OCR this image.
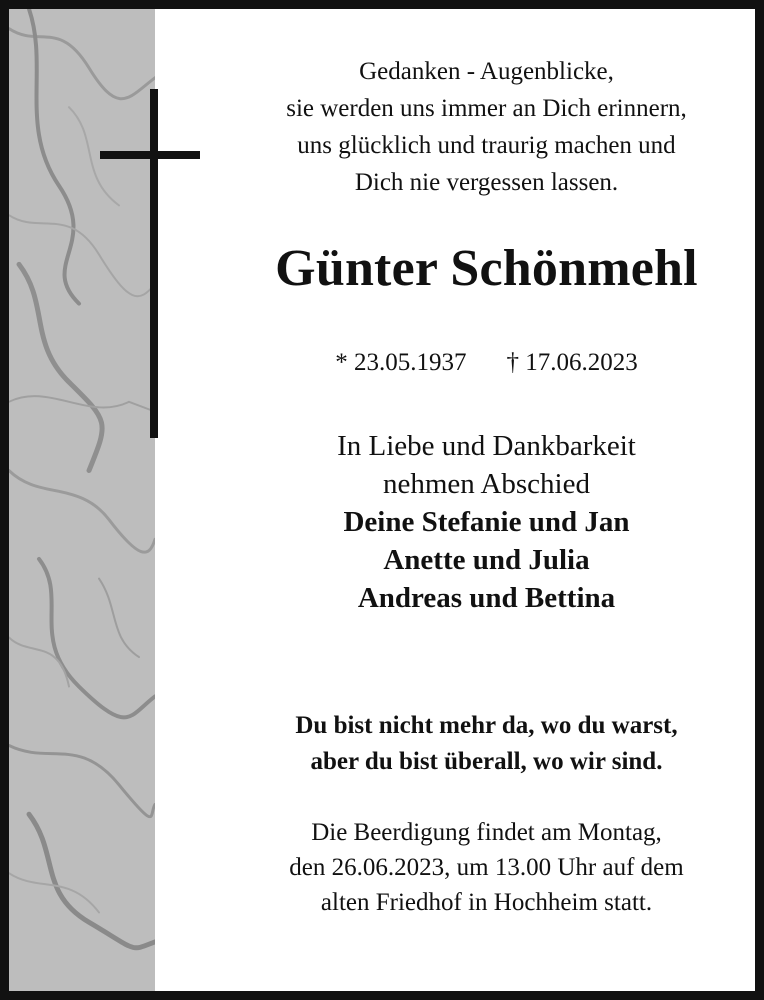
Gedanken - Augenblicke,
sie werden uns immer an Dich erinnern,
uns glücklich und traurig machen und
Dich nie vergessen lassen.
Günter Schönmehl
* 23.05.1937 † 17.06.2023
In Liebe und Dankbarkeit
nehmen Abschied
Deine Stefanie und Jan
Anette und Julia
Andreas und Bettina
Du bist nicht mehr da, wo du warst,
aber du bist überall, wo wir sind.
Die Beerdigung findet am Montag,
den 26.06.2023, um 13.00 Uhr auf dem
alten Friedhof in Hochheim statt.
